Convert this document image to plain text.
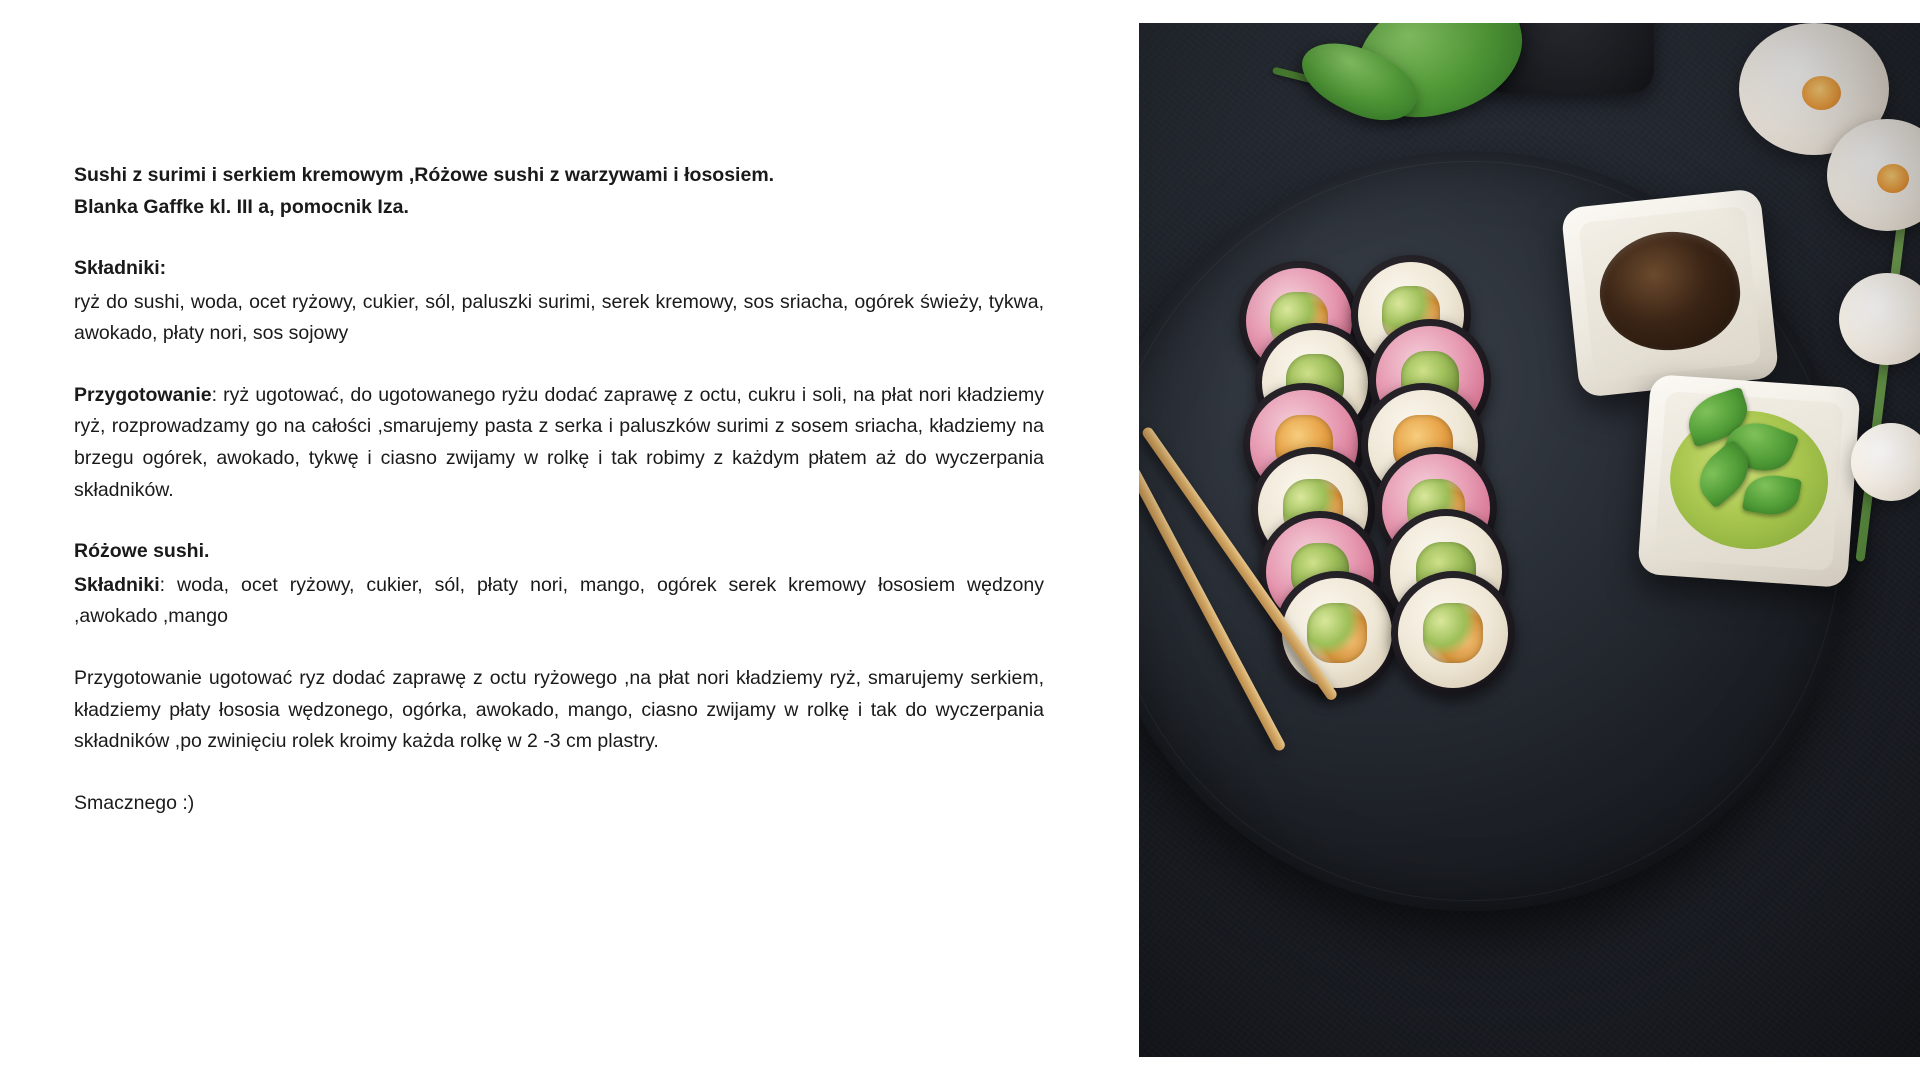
Sushi z surimi i serkiem kremowym ,Różowe sushi z warzywami i łososiem.

Blanka Gaffke kl. III a, pomocnik Iza.

Składniki:

ryż do sushi, woda, ocet ryżowy, cukier, sól, paluszki surimi, serek kremowy, sos sriacha, ogórek świeży, tykwa, awokado, płaty nori, sos sojowy

Przygotowanie: ryż ugotować, do ugotowanego ryżu dodać zaprawę z octu, cukru i soli, na płat nori kładziemy ryż, rozprowadzamy go na całości ,smarujemy pasta z serka i paluszków surimi z sosem sriacha, kładziemy na brzegu ogórek, awokado, tykwę i ciasno zwijamy w rolkę i tak robimy z każdym płatem aż do wyczerpania składników.

Różowe sushi.

Składniki: woda, ocet ryżowy, cukier, sól, płaty nori, mango, ogórek serek kremowy łososiem wędzony ,awokado ,mango

Przygotowanie ugotować ryz dodać zaprawę z octu ryżowego ,na płat nori kładziemy ryż, smarujemy serkiem, kładziemy płaty łososia wędzonego, ogórka, awokado, mango, ciasno zwijamy w rolkę i tak do wyczerpania składników ,po zwinięciu rolek kroimy każda rolkę w 2 -3 cm plastry.

Smacznego :)
